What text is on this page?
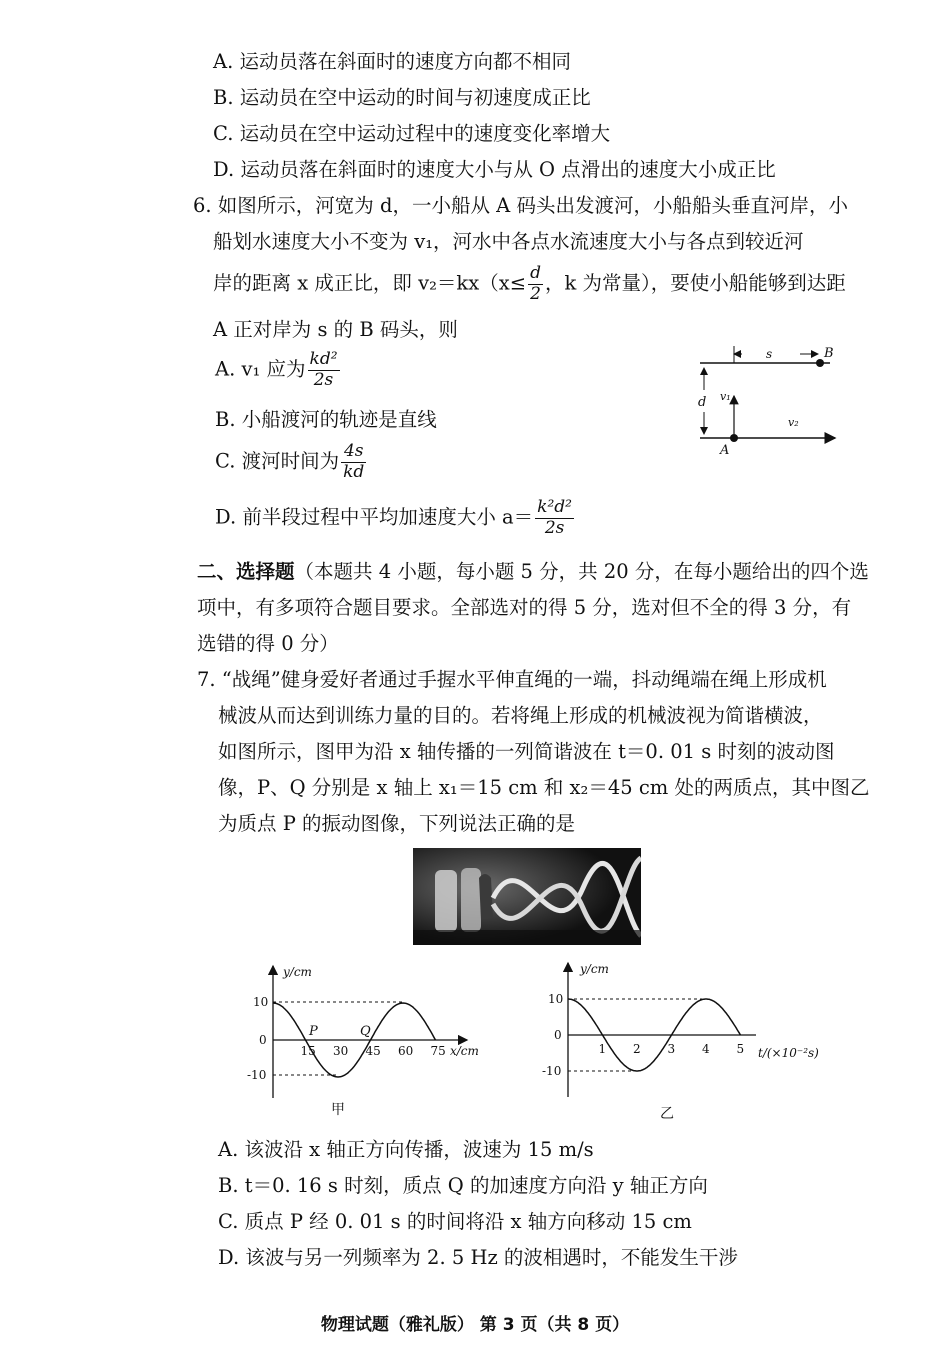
A. 运动员落在斜面时的速度方向都不相同
B. 运动员在空中运动的时间与初速度成正比
C. 运动员在空中运动过程中的速度变化率增大
D. 运动员落在斜面时的速度大小与从 O 点滑出的速度大小成正比
6. 如图所示，河宽为 d，一小船从 A 码头出发渡河，小船船头垂直河岸，小
船划水速度大小不变为 v₁，河水中各点水流速度大小与各点到较近河
岸的距离 x 成正比，即 $v_2=kx(x\le \frac{d}{2}$ ，k 为常量），要使小船能够到达距
A 正对岸为 s 的 B 码头，则
A. v₁ 应为 $\frac{\text{kd²}}{2s}$
B. 小船渡河的轨迹是直线
C. 渡河时间为 $\frac{4s}{kd}$
D. 前半段过程中平均加速度大小 $a= \frac{\text{k²d²}}{2s}$
s	B
d v₁
v₂
A
二、选择题（本题共 4 小题，每小题 5 分，共 20 分，在每小题给出的四个选
项中，有多项符合题目要求。全部选对的得 5 分，选对但不全的得 3 分，有
选错的得 0 分）
7. “战绳”健身爱好者通过手握水平伸直绳的一端，抖动绳端在绳上形成机
械波从而达到训练力量的目的。若将绳上形成的机械波视为简谐横波，
如图所示，图甲为沿 x 轴传播的一列简谐波在 t＝0. 01 s 时刻的波动图
像，P、Q 分别是 x 轴上 x₁＝15 cm 和 x₂＝45 cm 处的两质点，其中图乙
为质点 P 的振动图像，下列说法正确的是
y/cm
x/cm
15 30 45 60 75
10
0
-10
P	Q
甲
y/cm
t/(×10⁻²s)
1 2 3 4 5
10
0
-10
乙
A. 该波沿 x 轴正方向传播，波速为 15 m/s
B. t＝0. 16 s 时刻，质点 Q 的加速度方向沿 y 轴正方向
C. 质点 P 经 0. 01 s 的时间将沿 x 轴方向移动 15 cm
D. 该波与另一列频率为 2. 5 Hz 的波相遇时，不能发生干涉
物理试题（雅礼版） 第 3 页（共 8 页）
